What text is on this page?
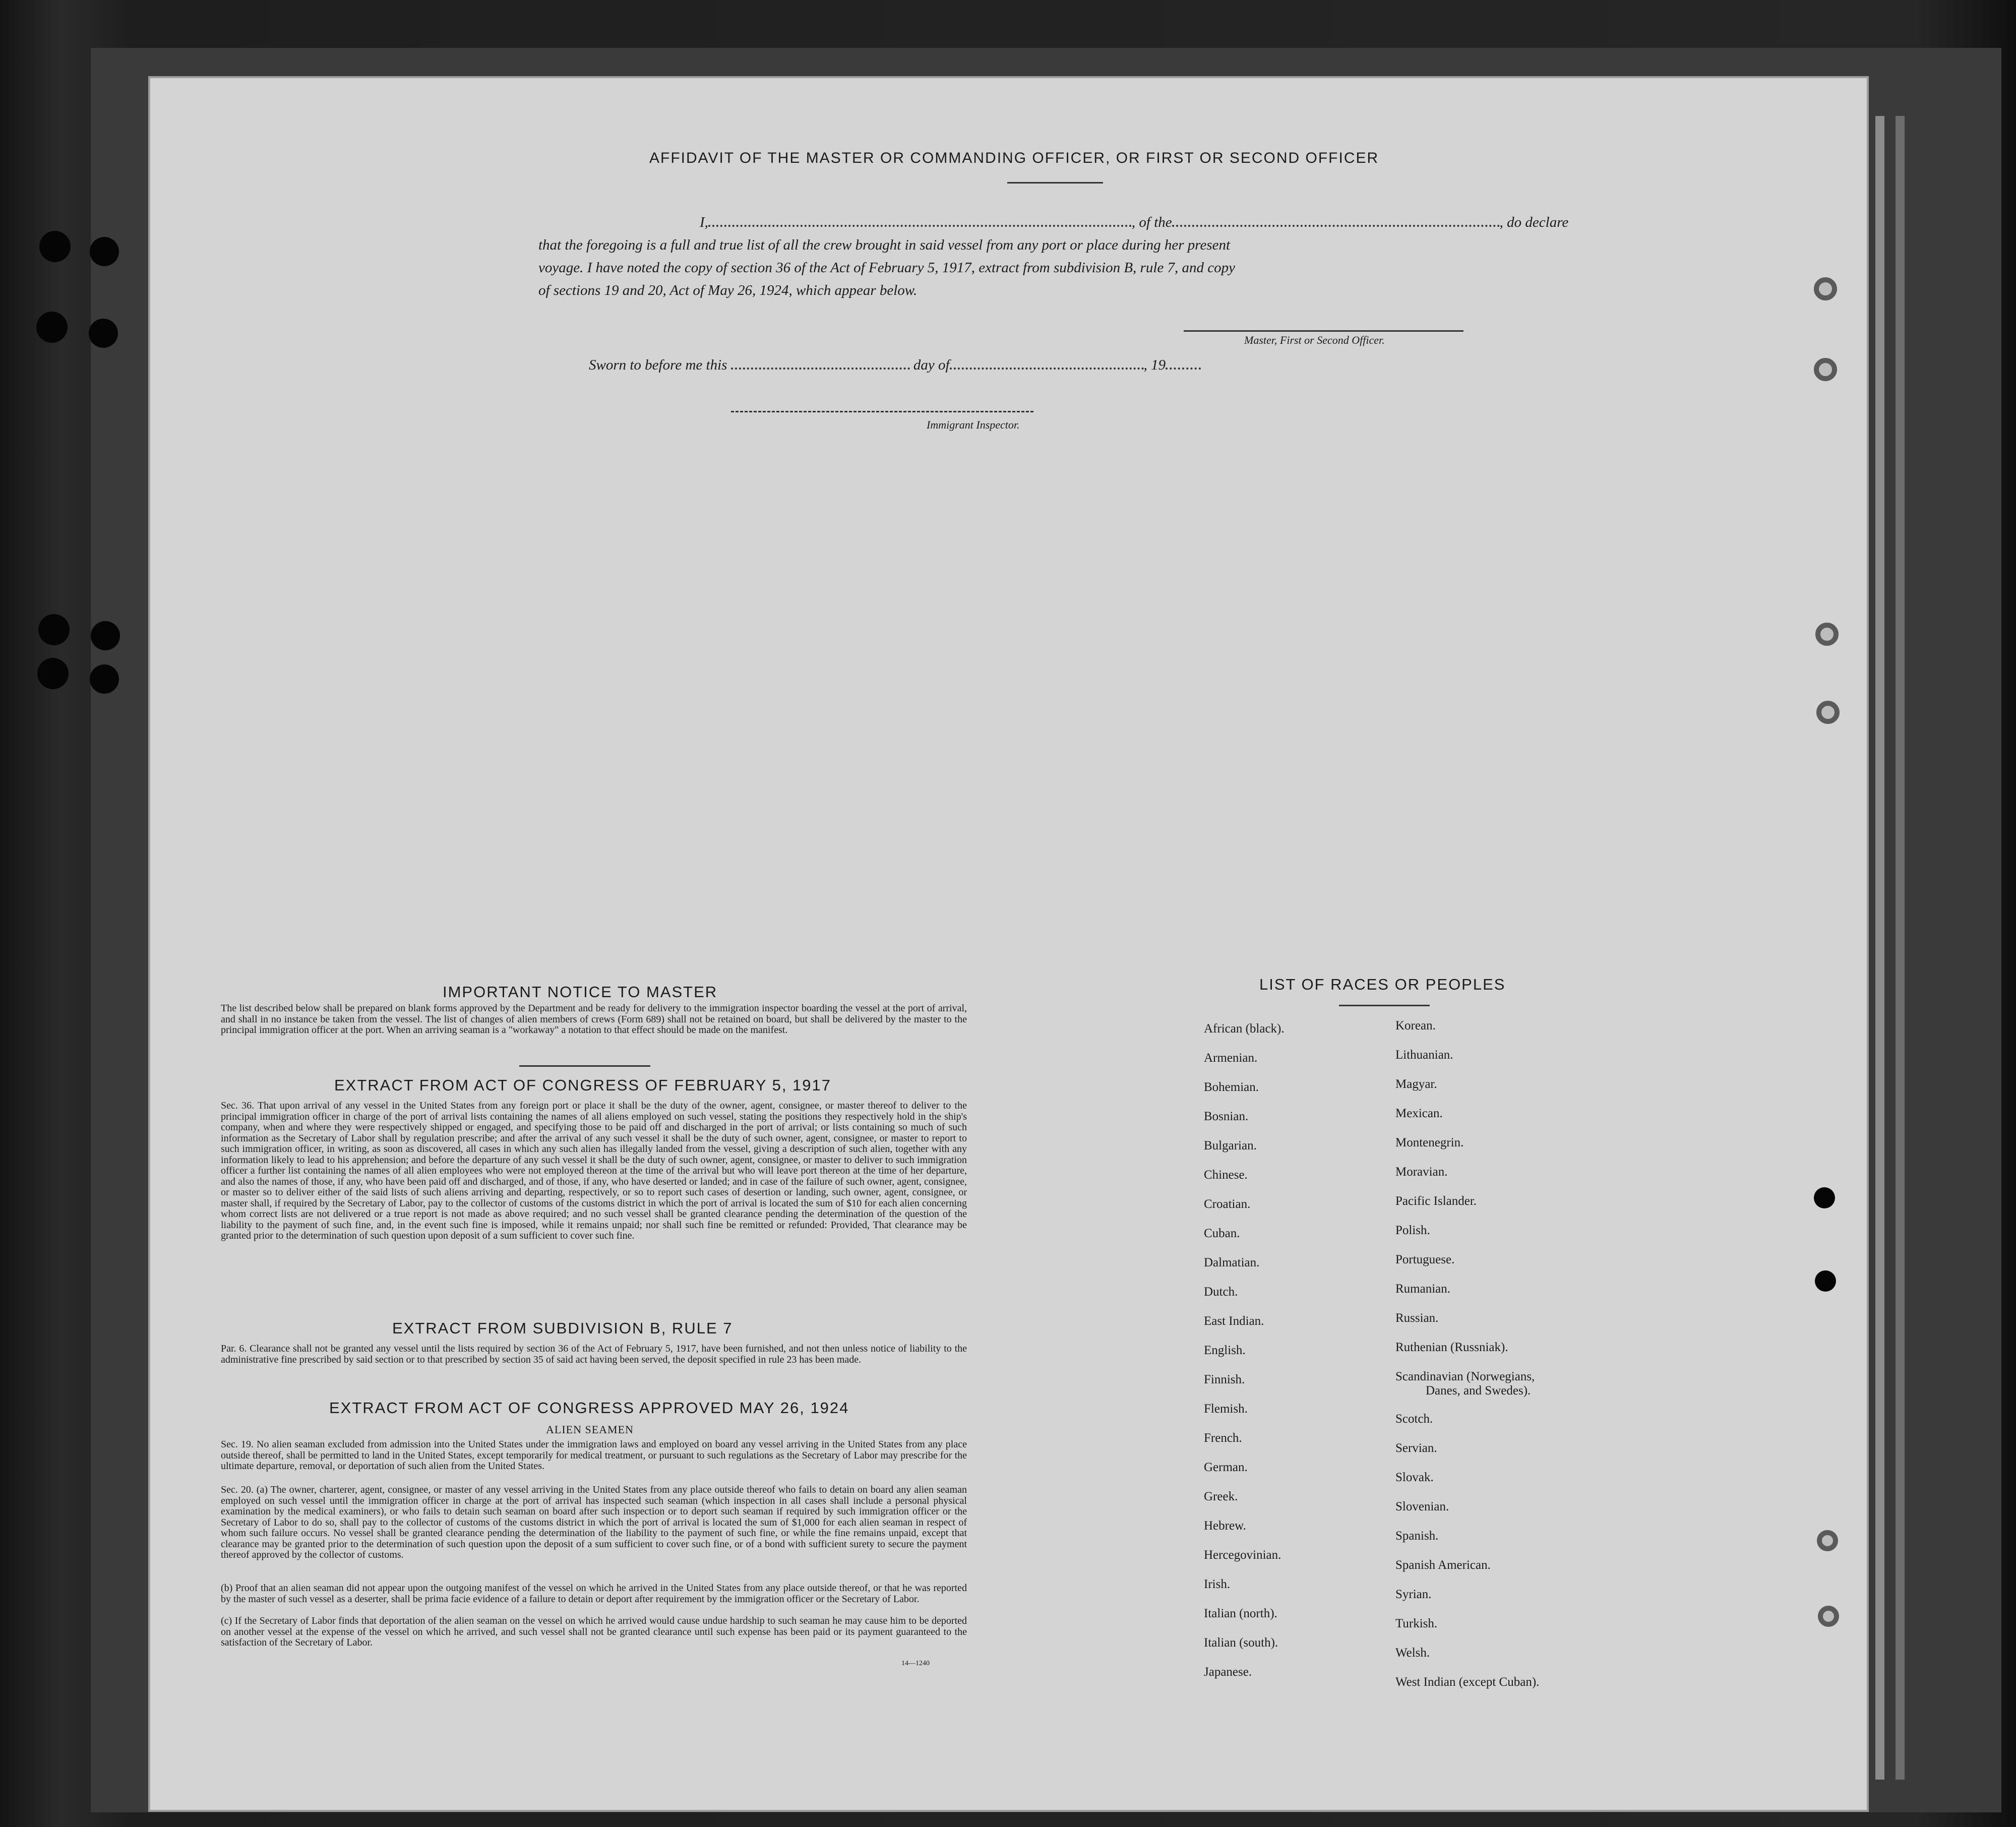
AFFIDAVIT OF THE MASTER OR COMMANDING OFFICER, OR FIRST OR SECOND OFFICER
I,	, of the	, do declare
that the foregoing is a full and true list of all the crew brought in said vessel from any port or place during her present
voyage. I have noted the copy of section 36 of the Act of February 5, 1917, extract from subdivision B, rule 7, and copy
of sections 19 and 20, Act of May 26, 1924, which appear below.
Master, First or Second Officer.
Sworn to before me this	day of	, 19
Immigrant Inspector.
IMPORTANT NOTICE TO MASTER
The list described below shall be prepared on blank forms approved by the Department and be ready for delivery to the immigration inspector boarding the vessel at the port of arrival, and shall in no instance be taken from the vessel. The list of changes of alien members of crews (Form 689) shall not be retained on board, but shall be delivered by the master to the principal immigration officer at the port. When an arriving seaman is a "workaway" a notation to that effect should be made on the manifest.
EXTRACT FROM ACT OF CONGRESS OF FEBRUARY 5, 1917
Sec. 36. That upon arrival of any vessel in the United States from any foreign port or place it shall be the duty of the owner, agent, consignee, or master thereof to deliver to the principal immigration officer in charge of the port of arrival lists containing the names of all aliens employed on such vessel, stating the positions they respectively hold in the ship's company, when and where they were respectively shipped or engaged, and specifying those to be paid off and discharged in the port of arrival; or lists containing so much of such information as the Secretary of Labor shall by regulation prescribe; and after the arrival of any such vessel it shall be the duty of such owner, agent, consignee, or master to report to such immigration officer, in writing, as soon as discovered, all cases in which any such alien has illegally landed from the vessel, giving a description of such alien, together with any information likely to lead to his apprehension; and before the departure of any such vessel it shall be the duty of such owner, agent, consignee, or master to deliver to such immigration officer a further list containing the names of all alien employees who were not employed thereon at the time of the arrival but who will leave port thereon at the time of her departure, and also the names of those, if any, who have been paid off and discharged, and of those, if any, who have deserted or landed; and in case of the failure of such owner, agent, consignee, or master so to deliver either of the said lists of such aliens arriving and departing, respectively, or so to report such cases of desertion or landing, such owner, agent, consignee, or master shall, if required by the Secretary of Labor, pay to the collector of customs of the customs district in which the port of arrival is located the sum of $10 for each alien concerning whom correct lists are not delivered or a true report is not made as above required; and no such vessel shall be granted clearance pending the determination of the question of the liability to the payment of such fine, and, in the event such fine is imposed, while it remains unpaid; nor shall such fine be remitted or refunded: Provided, That clearance may be granted prior to the determination of such question upon deposit of a sum sufficient to cover such fine.
EXTRACT FROM SUBDIVISION B, RULE 7
Par. 6. Clearance shall not be granted any vessel until the lists required by section 36 of the Act of February 5, 1917, have been furnished, and not then unless notice of liability to the administrative fine prescribed by said section or to that prescribed by section 35 of said act having been served, the deposit specified in rule 23 has been made.
EXTRACT FROM ACT OF CONGRESS APPROVED MAY 26, 1924
ALIEN SEAMEN
Sec. 19. No alien seaman excluded from admission into the United States under the immigration laws and employed on board any vessel arriving in the United States from any place outside thereof, shall be permitted to land in the United States, except temporarily for medical treatment, or pursuant to such regulations as the Secretary of Labor may prescribe for the ultimate departure, removal, or deportation of such alien from the United States.
Sec. 20. (a) The owner, charterer, agent, consignee, or master of any vessel arriving in the United States from any place outside thereof who fails to detain on board any alien seaman employed on such vessel until the immigration officer in charge at the port of arrival has inspected such seaman (which inspection in all cases shall include a personal physical examination by the medical examiners), or who fails to detain such seaman on board after such inspection or to deport such seaman if required by such immigration officer or the Secretary of Labor to do so, shall pay to the collector of customs of the customs district in which the port of arrival is located the sum of $1,000 for each alien seaman in respect of whom such failure occurs. No vessel shall be granted clearance pending the determination of the liability to the payment of such fine, or while the fine remains unpaid, except that clearance may be granted prior to the determination of such question upon the deposit of a sum sufficient to cover such fine, or of a bond with sufficient surety to secure the payment thereof approved by the collector of customs.
(b) Proof that an alien seaman did not appear upon the outgoing manifest of the vessel on which he arrived in the United States from any place outside thereof, or that he was reported by the master of such vessel as a deserter, shall be prima facie evidence of a failure to detain or deport after requirement by the immigration officer or the Secretary of Labor.
(c) If the Secretary of Labor finds that deportation of the alien seaman on the vessel on which he arrived would cause undue hardship to such seaman he may cause him to be deported on another vessel at the expense of the vessel on which he arrived, and such vessel shall not be granted clearance until such expense has been paid or its payment guaranteed to the satisfaction of the Secretary of Labor.
14—1240
LIST OF RACES OR PEOPLES
African (black).
Armenian.
Bohemian.
Bosnian.
Bulgarian.
Chinese.
Croatian.
Cuban.
Dalmatian.
Dutch.
East Indian.
English.
Finnish.
Flemish.
French.
German.
Greek.
Hebrew.
Hercegovinian.
Irish.
Italian (north).
Italian (south).
Japanese.
Korean.
Lithuanian.
Magyar.
Mexican.
Montenegrin.
Moravian.
Pacific Islander.
Polish.
Portuguese.
Rumanian.
Russian.
Ruthenian (Russniak).
Scandinavian (Norwegians,
Danes, and Swedes).
Scotch.
Servian.
Slovak.
Slovenian.
Spanish.
Spanish American.
Syrian.
Turkish.
Welsh.
West Indian (except Cuban).
